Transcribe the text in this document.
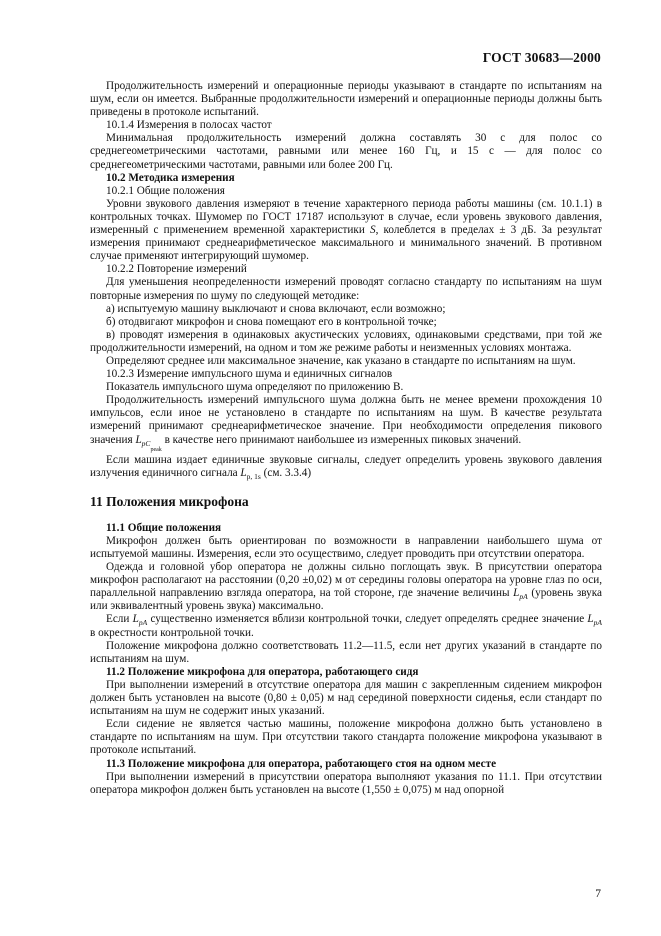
ГОСТ 30683—2000

Продолжительность измерений и операционные периоды указывают в стандарте по испытаниям на шум, если он имеется. Выбранные продолжительности измерений и операционные периоды должны быть приведены в протоколе испытаний.

10.1.4 Измерения в полосах частот

Минимальная продолжительность измерений должна составлять 30 с для полос со среднегеометрическими частотами, равными или менее 160 Гц, и 15 с — для полос со среднегеометрическими частотами, равными или более 200 Гц.

10.2 Методика измерения

10.2.1 Общие положения

Уровни звукового давления измеряют в течение характерного периода работы машины (см. 10.1.1) в контрольных точках. Шумомер по ГОСТ 17187 используют в случае, если уровень звукового давления, измеренный с применением временной характеристики S, колеблется в пределах ± 3 дБ. За результат измерения принимают среднеарифметическое максимального и минимального значений. В противном случае применяют интегрирующий шумомер.

10.2.2 Повторение измерений

Для уменьшения неопределенности измерений проводят согласно стандарту по испытаниям на шум повторные измерения по шуму по следующей методике:

а) испытуемую машину выключают и снова включают, если возможно;

б) отодвигают микрофон и снова помещают его в контрольной точке;

в) проводят измерения в одинаковых акустических условиях, одинаковыми средствами, при той же продолжительности измерений, на одном и том же режиме работы и неизменных условиях монтажа.

Определяют среднее или максимальное значение, как указано в стандарте по испытаниям на шум.

10.2.3 Измерение импульсного шума и единичных сигналов

Показатель импульсного шума определяют по приложению В.

Продолжительность измерений импульсного шума должна быть не менее времени прохождения 10 импульсов, если иное не установлено в стандарте по испытаниям на шум. В качестве результата измерений принимают среднеарифметическое значение. При необходимости определения пикового значения $L_{pC_{peak}}$ в качестве него принимают наибольшее из измеренных пиковых значений.

Если машина издает единичные звуковые сигналы, следует определить уровень звукового давления излучения единичного сигнала $L_{p, 1s}$ (см. 3.3.4)

11 Положения микрофона

11.1 Общие положения

Микрофон должен быть ориентирован по возможности в направлении наибольшего шума от испытуемой машины. Измерения, если это осуществимо, следует проводить при отсутствии оператора.

Одежда и головной убор оператора не должны сильно поглощать звук. В присутствии оператора микрофон располагают на расстоянии (0,20 ±0,02) м от середины головы оператора на уровне глаз по оси, параллельной направлению взгляда оператора, на той стороне, где значение величины $L_{pA}$ (уровень звука или эквивалентный уровень звука) максимально.

Если $L_{pA}$ существенно изменяется вблизи контрольной точки, следует определять среднее значение $L_{pA}$ в окрестности контрольной точки.

Положение микрофона должно соответствовать 11.2—11.5, если нет других указаний в стандарте по испытаниям на шум.

11.2 Положение микрофона для оператора, работающего сидя

При выполнении измерений в отсутствие оператора для машин с закрепленным сидением микрофон должен быть установлен на высоте (0,80 ± 0,05) м над серединой поверхности сиденья, если стандарт по испытаниям на шум не содержит иных указаний.

Если сидение не является частью машины, положение микрофона должно быть установлено в стандарте по испытаниям на шум. При отсутствии такого стандарта положение микрофона указывают в протоколе испытаний.

11.3 Положение микрофона для оператора, работающего стоя на одном месте

При выполнении измерений в присутствии оператора выполняют указания по 11.1. При отсутствии оператора микрофон должен быть установлен на высоте (1,550 ± 0,075) м над опорной

7
